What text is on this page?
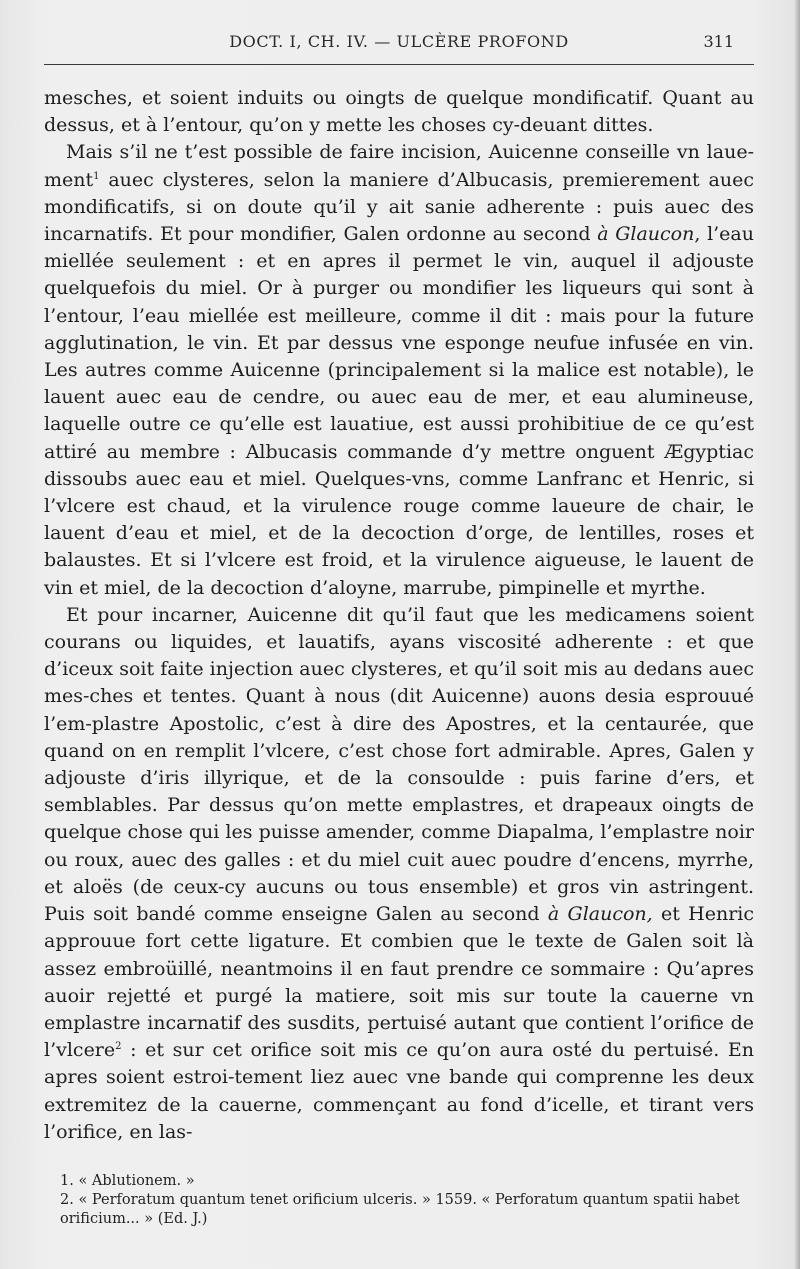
DOCT. I, CH. IV. — ULCÈRE PROFOND	311

mesches, et soient induits ou oingts de quelque mondificatif. Quant au dessus, et à l’entour, qu’on y mette les choses cy-deuant dittes.

Mais s’il ne t’est possible de faire incision, Auicenne conseille vn laue-ment$^1$ auec clysteres, selon la maniere d’Albucasis, premierement auec mondificatifs, si on doute qu’il y ait sanie adherente : puis auec des incarnatifs. Et pour mondifier, Galen ordonne au second à Glaucon, l’eau miellée seulement : et en apres il permet le vin, auquel il adjouste quelquefois du miel. Or à purger ou mondifier les liqueurs qui sont à l’entour, l’eau miellée est meilleure, comme il dit : mais pour la future agglutination, le vin. Et par dessus vne esponge neufue infusée en vin. Les autres comme Auicenne (principalement si la malice est notable), le lauent auec eau de cendre, ou auec eau de mer, et eau alumineuse, laquelle outre ce qu’elle est lauatiue, est aussi prohibitiue de ce qu’est attiré au membre : Albucasis commande d’y mettre onguent Ægyptiac dissoubs auec eau et miel. Quelques-vns, comme Lanfranc et Henric, si l’vlcere est chaud, et la virulence rouge comme laueure de chair, le lauent d’eau et miel, et de la decoction d’orge, de lentilles, roses et balaustes. Et si l’vlcere est froid, et la virulence aigueuse, le lauent de vin et miel, de la decoction d’aloyne, marrube, pimpinelle et myrthe.

Et pour incarner, Auicenne dit qu’il faut que les medicamens soient courans ou liquides, et lauatifs, ayans viscosité adherente : et que d’iceux soit faite injection auec clysteres, et qu’il soit mis au dedans auec mes-ches et tentes. Quant à nous (dit Auicenne) auons desia esprouué l’em-plastre Apostolic, c’est à dire des Apostres, et la centaurée, que quand on en remplit l’vlcere, c’est chose fort admirable. Apres, Galen y adjouste d’iris illyrique, et de la consoulde : puis farine d’ers, et semblables. Par dessus qu’on mette emplastres, et drapeaux oingts de quelque chose qui les puisse amender, comme Diapalma, l’emplastre noir ou roux, auec des galles : et du miel cuit auec poudre d’encens, myrrhe, et aloës (de ceux-cy aucuns ou tous ensemble) et gros vin astringent. Puis soit bandé comme enseigne Galen au second à Glaucon, et Henric approuue fort cette ligature. Et combien que le texte de Galen soit là assez embroüillé, neantmoins il en faut prendre ce sommaire : Qu’apres auoir rejetté et purgé la matiere, soit mis sur toute la cauerne vn emplastre incarnatif des susdits, pertuisé autant que contient l’orifice de l’vlcere$^2$ : et sur cet orifice soit mis ce qu’on aura osté du pertuisé. En apres soient estroi-tement liez auec vne bande qui comprenne les deux extremitez de la cauerne, commençant au fond d’icelle, et tirant vers l’orifice, en las-

1. « Ablutionem. »

2. « Perforatum quantum tenet orificium ulceris. » 1559. « Perforatum quantum spatii habet orificium... » (Ed. J.)
